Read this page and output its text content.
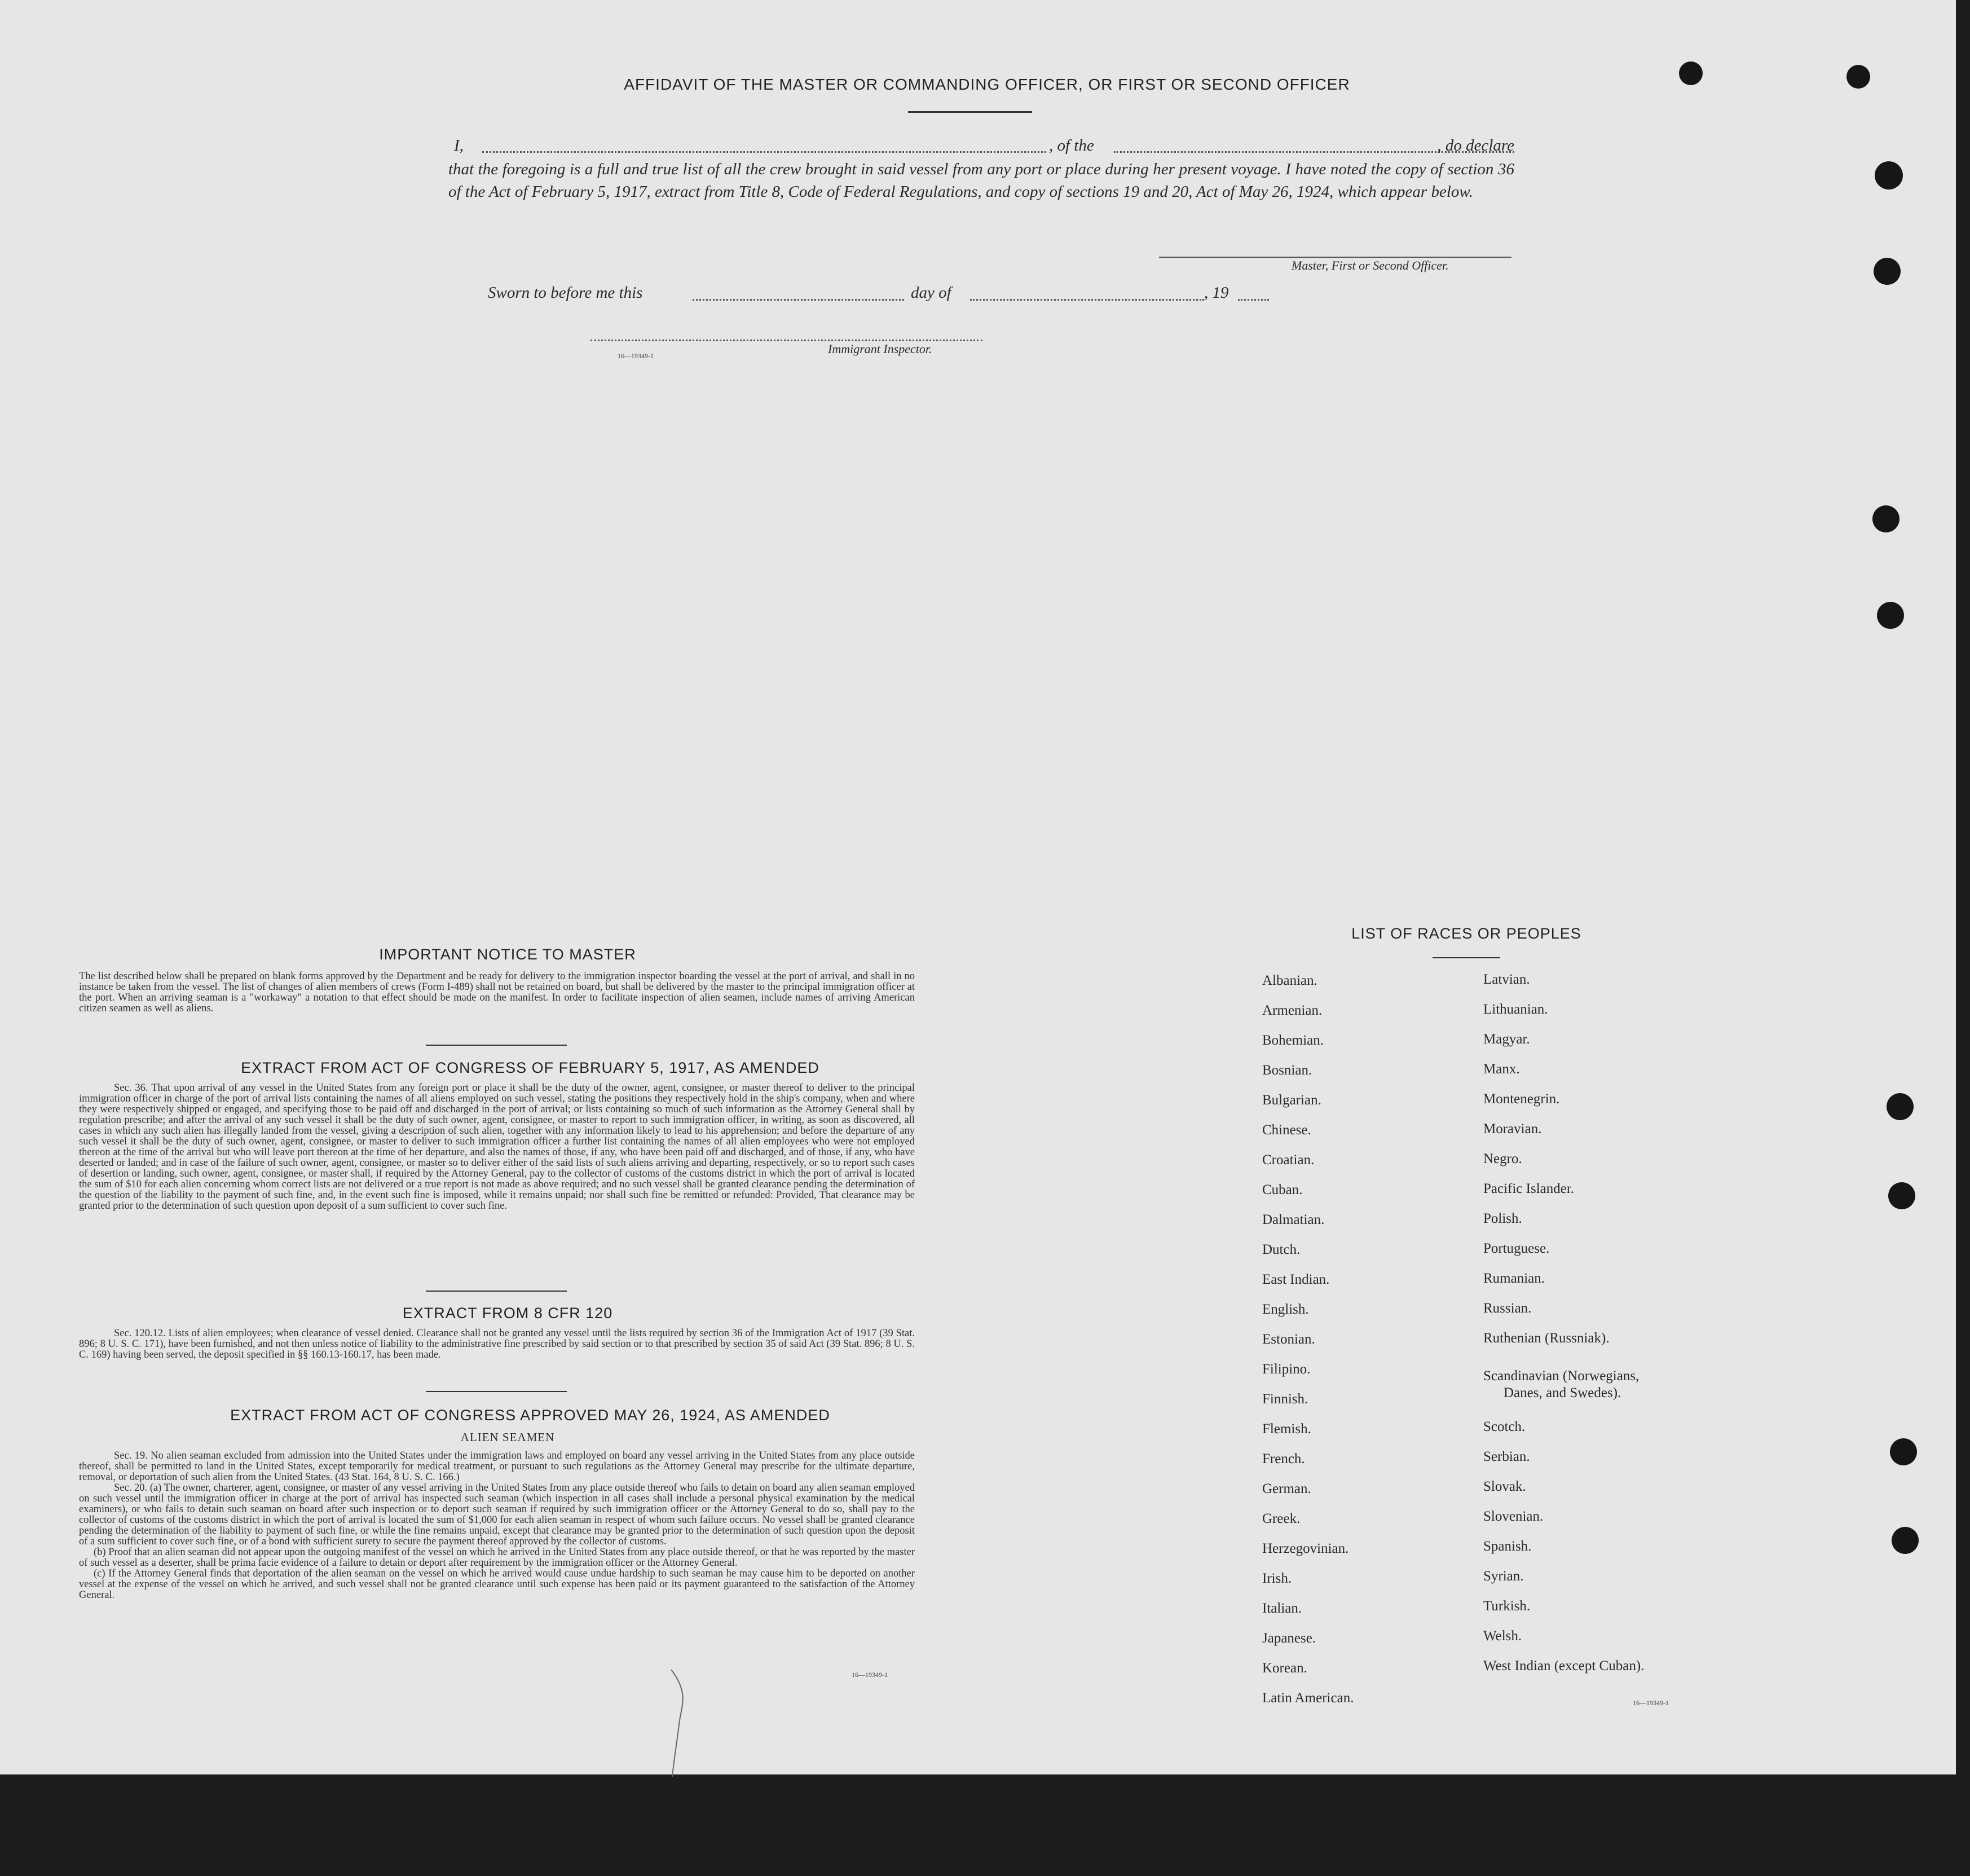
AFFIDAVIT OF THE MASTER OR COMMANDING OFFICER, OR FIRST OR SECOND OFFICER
I,	, of the	, do declare
that the foregoing is a full and true list of all the crew brought in said vessel from any port or place during her present voyage. I have noted the copy of section 36 of the Act of February 5, 1917, extract from Title 8, Code of Federal Regulations, and copy of sections 19 and 20, Act of May 26, 1924, which appear below.
Master, First or Second Officer.
Sworn to before me this	day of	, 19
16—19349-1	Immigrant Inspector.
IMPORTANT NOTICE TO MASTER
The list described below shall be prepared on blank forms approved by the Department and be ready for delivery to the immigration inspector boarding the vessel at the port of arrival, and shall in no instance be taken from the vessel. The list of changes of alien members of crews (Form I-489) shall not be retained on board, but shall be delivered by the master to the principal immigration officer at the port. When an arriving seaman is a "workaway" a notation to that effect should be made on the manifest. In order to facilitate inspection of alien seamen, include names of arriving American citizen seamen as well as aliens.
EXTRACT FROM ACT OF CONGRESS OF FEBRUARY 5, 1917, AS AMENDED
Sec. 36. That upon arrival of any vessel in the United States from any foreign port or place it shall be the duty of the owner, agent, consignee, or master thereof to deliver to the principal immigration officer in charge of the port of arrival lists containing the names of all aliens employed on such vessel, stating the positions they respectively hold in the ship's company, when and where they were respectively shipped or engaged, and specifying those to be paid off and discharged in the port of arrival; or lists containing so much of such information as the Attorney General shall by regulation prescribe; and after the arrival of any such vessel it shall be the duty of such owner, agent, consignee, or master to report to such immigration officer, in writing, as soon as discovered, all cases in which any such alien has illegally landed from the vessel, giving a description of such alien, together with any information likely to lead to his apprehension; and before the departure of any such vessel it shall be the duty of such owner, agent, consignee, or master to deliver to such immigration officer a further list containing the names of all alien employees who were not employed thereon at the time of the arrival but who will leave port thereon at the time of her departure, and also the names of those, if any, who have been paid off and discharged, and of those, if any, who have deserted or landed; and in case of the failure of such owner, agent, consignee, or master so to deliver either of the said lists of such aliens arriving and departing, respectively, or so to report such cases of desertion or landing, such owner, agent, consignee, or master shall, if required by the Attorney General, pay to the collector of customs of the customs district in which the port of arrival is located the sum of $10 for each alien concerning whom correct lists are not delivered or a true report is not made as above required; and no such vessel shall be granted clearance pending the determination of the question of the liability to the payment of such fine, and, in the event such fine is imposed, while it remains unpaid; nor shall such fine be remitted or refunded: Provided, That clearance may be granted prior to the determination of such question upon deposit of a sum sufficient to cover such fine.
EXTRACT FROM 8 CFR 120
Sec. 120.12. Lists of alien employees; when clearance of vessel denied. Clearance shall not be granted any vessel until the lists required by section 36 of the Immigration Act of 1917 (39 Stat. 896; 8 U. S. C. 171), have been furnished, and not then unless notice of liability to the administrative fine prescribed by said section or to that prescribed by section 35 of said Act (39 Stat. 896; 8 U. S. C. 169) having been served, the deposit specified in §§ 160.13-160.17, has been made.
EXTRACT FROM ACT OF CONGRESS APPROVED MAY 26, 1924, AS AMENDED
ALIEN SEAMEN
Sec. 19. No alien seaman excluded from admission into the United States under the immigration laws and employed on board any vessel arriving in the United States from any place outside thereof, shall be permitted to land in the United States, except temporarily for medical treatment, or pursuant to such regulations as the Attorney General may prescribe for the ultimate departure, removal, or deportation of such alien from the United States. (43 Stat. 164, 8 U. S. C. 166.)
Sec. 20. (a) The owner, charterer, agent, consignee, or master of any vessel arriving in the United States from any place outside thereof who fails to detain on board any alien seaman employed on such vessel until the immigration officer in charge at the port of arrival has inspected such seaman (which inspection in all cases shall include a personal physical examination by the medical examiners), or who fails to detain such seaman on board after such inspection or to deport such seaman if required by such immigration officer or the Attorney General to do so, shall pay to the collector of customs of the customs district in which the port of arrival is located the sum of $1,000 for each alien seaman in respect of whom such failure occurs. No vessel shall be granted clearance pending the determination of the liability to payment of such fine, or while the fine remains unpaid, except that clearance may be granted prior to the determination of such question upon the deposit of a sum sufficient to cover such fine, or of a bond with sufficient surety to secure the payment thereof approved by the collector of customs.
(b) Proof that an alien seaman did not appear upon the outgoing manifest of the vessel on which he arrived in the United States from any place outside thereof, or that he was reported by the master of such vessel as a deserter, shall be prima facie evidence of a failure to detain or deport after requirement by the immigration officer or the Attorney General.
(c) If the Attorney General finds that deportation of the alien seaman on the vessel on which he arrived would cause undue hardship to such seaman he may cause him to be deported on another vessel at the expense of the vessel on which he arrived, and such vessel shall not be granted clearance until such expense has been paid or its payment guaranteed to the satisfaction of the Attorney General.
16—19349-1
LIST OF RACES OR PEOPLES
Albanian.
Armenian.
Bohemian.
Bosnian.
Bulgarian.
Chinese.
Croatian.
Cuban.
Dalmatian.
Dutch.
East Indian.
English.
Estonian.
Filipino.
Finnish.
Flemish.
French.
German.
Greek.
Herzegovinian.
Irish.
Italian.
Japanese.
Korean.
Latin American.
Latvian.
Lithuanian.
Magyar.
Manx.
Montenegrin.
Moravian.
Negro.
Pacific Islander.
Polish.
Portuguese.
Rumanian.
Russian.
Ruthenian (Russniak).
Scandinavian (Norwegians,
Danes, and Swedes).
Scotch.
Serbian.
Slovak.
Slovenian.
Spanish.
Syrian.
Turkish.
Welsh.
West Indian (except Cuban).
16—19349-1
